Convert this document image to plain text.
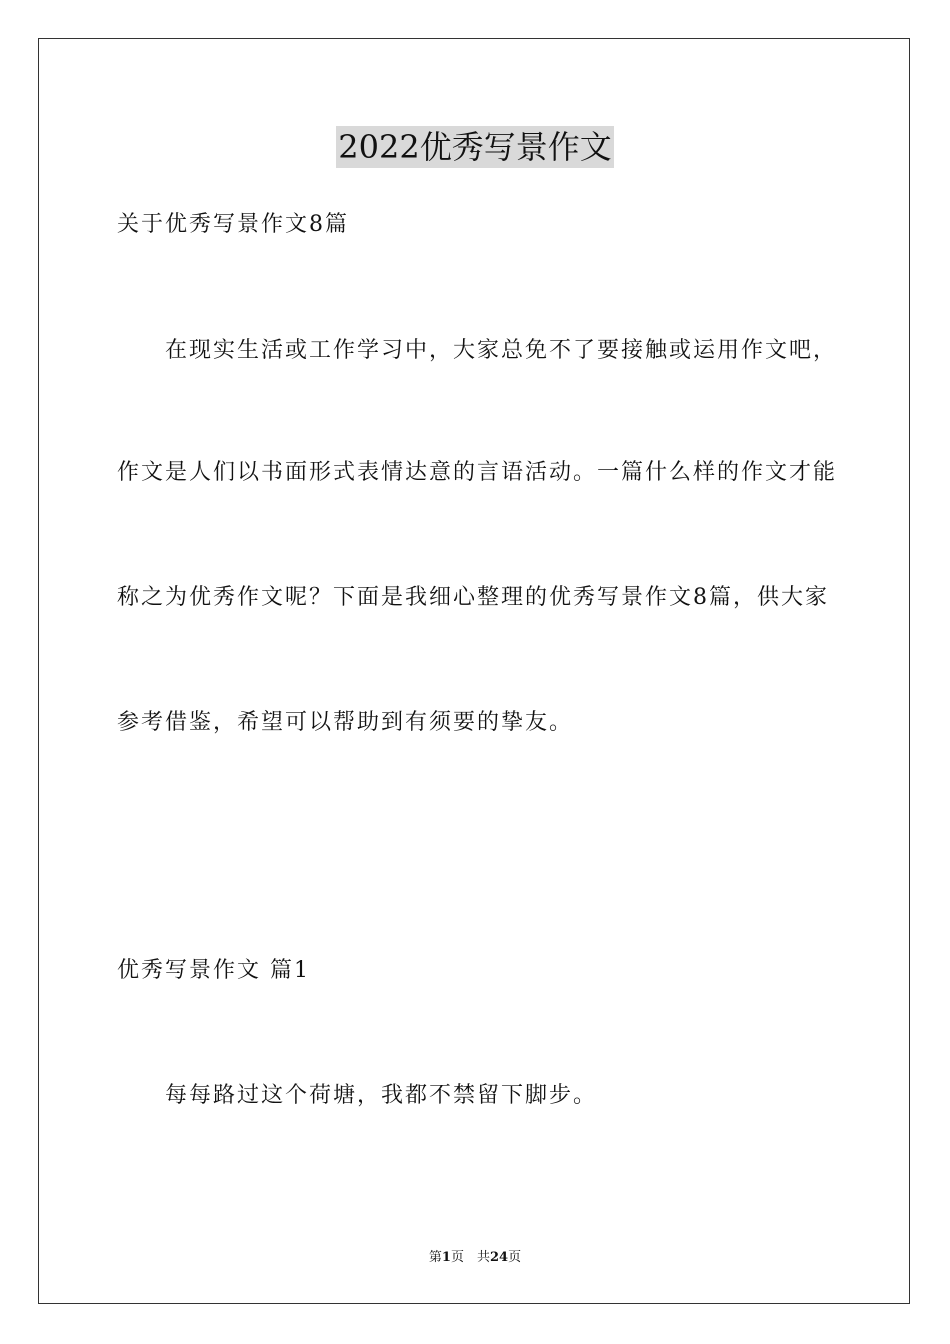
2022优秀写景作文
关于优秀写景作文8篇
在现实生活或工作学习中，大家总免不了要接触或运用作文吧，
作文是人们以书面形式表情达意的言语活动。一篇什么样的作文才能
称之为优秀作文呢？下面是我细心整理的优秀写景作文8篇，供大家
参考借鉴，希望可以帮助到有须要的挚友。
优秀写景作文 篇1
每每路过这个荷塘，我都不禁留下脚步。
第1页　共24页
